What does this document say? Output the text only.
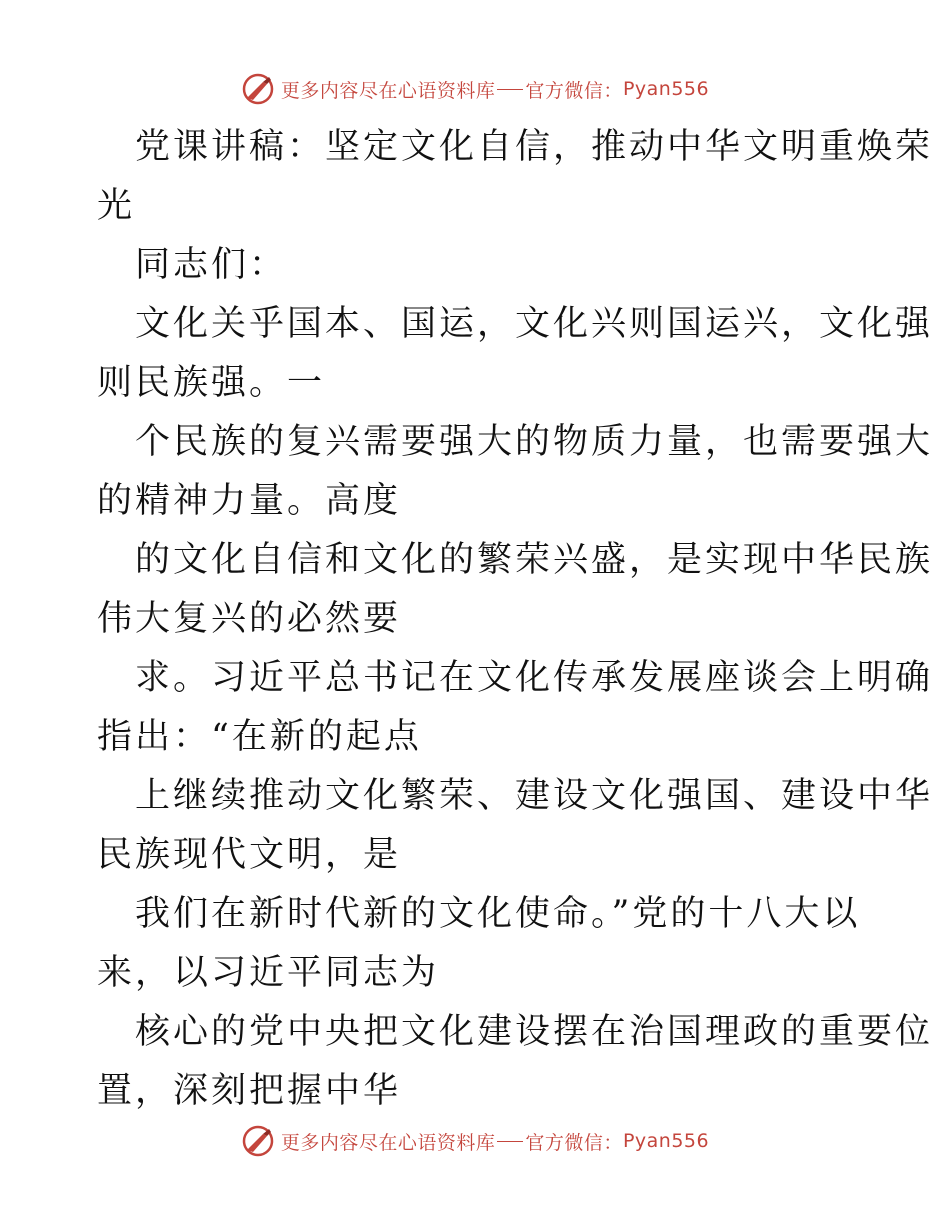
更多内容尽在心语资料库 官方微信： Pyan556
党课讲稿：坚定文化自信，推动中华文明重焕荣
光
同志们：
文化关乎国本、国运，文化兴则国运兴，文化强
则民族强。一
个民族的复兴需要强大的物质力量，也需要强大
的精神力量。高度
的文化自信和文化的繁荣兴盛，是实现中华民族
伟大复兴的必然要
求。习近平总书记在文化传承发展座谈会上明确
指出：“在新的起点
上继续推动文化繁荣、建设文化强国、建设中华
民族现代文明，是
我们在新时代新的文化使命。”党的十八大以
来，以习近平同志为
核心的党中央把文化建设摆在治国理政的重要位
置，深刻把握中华
更多内容尽在心语资料库 官方微信： Pyan556
